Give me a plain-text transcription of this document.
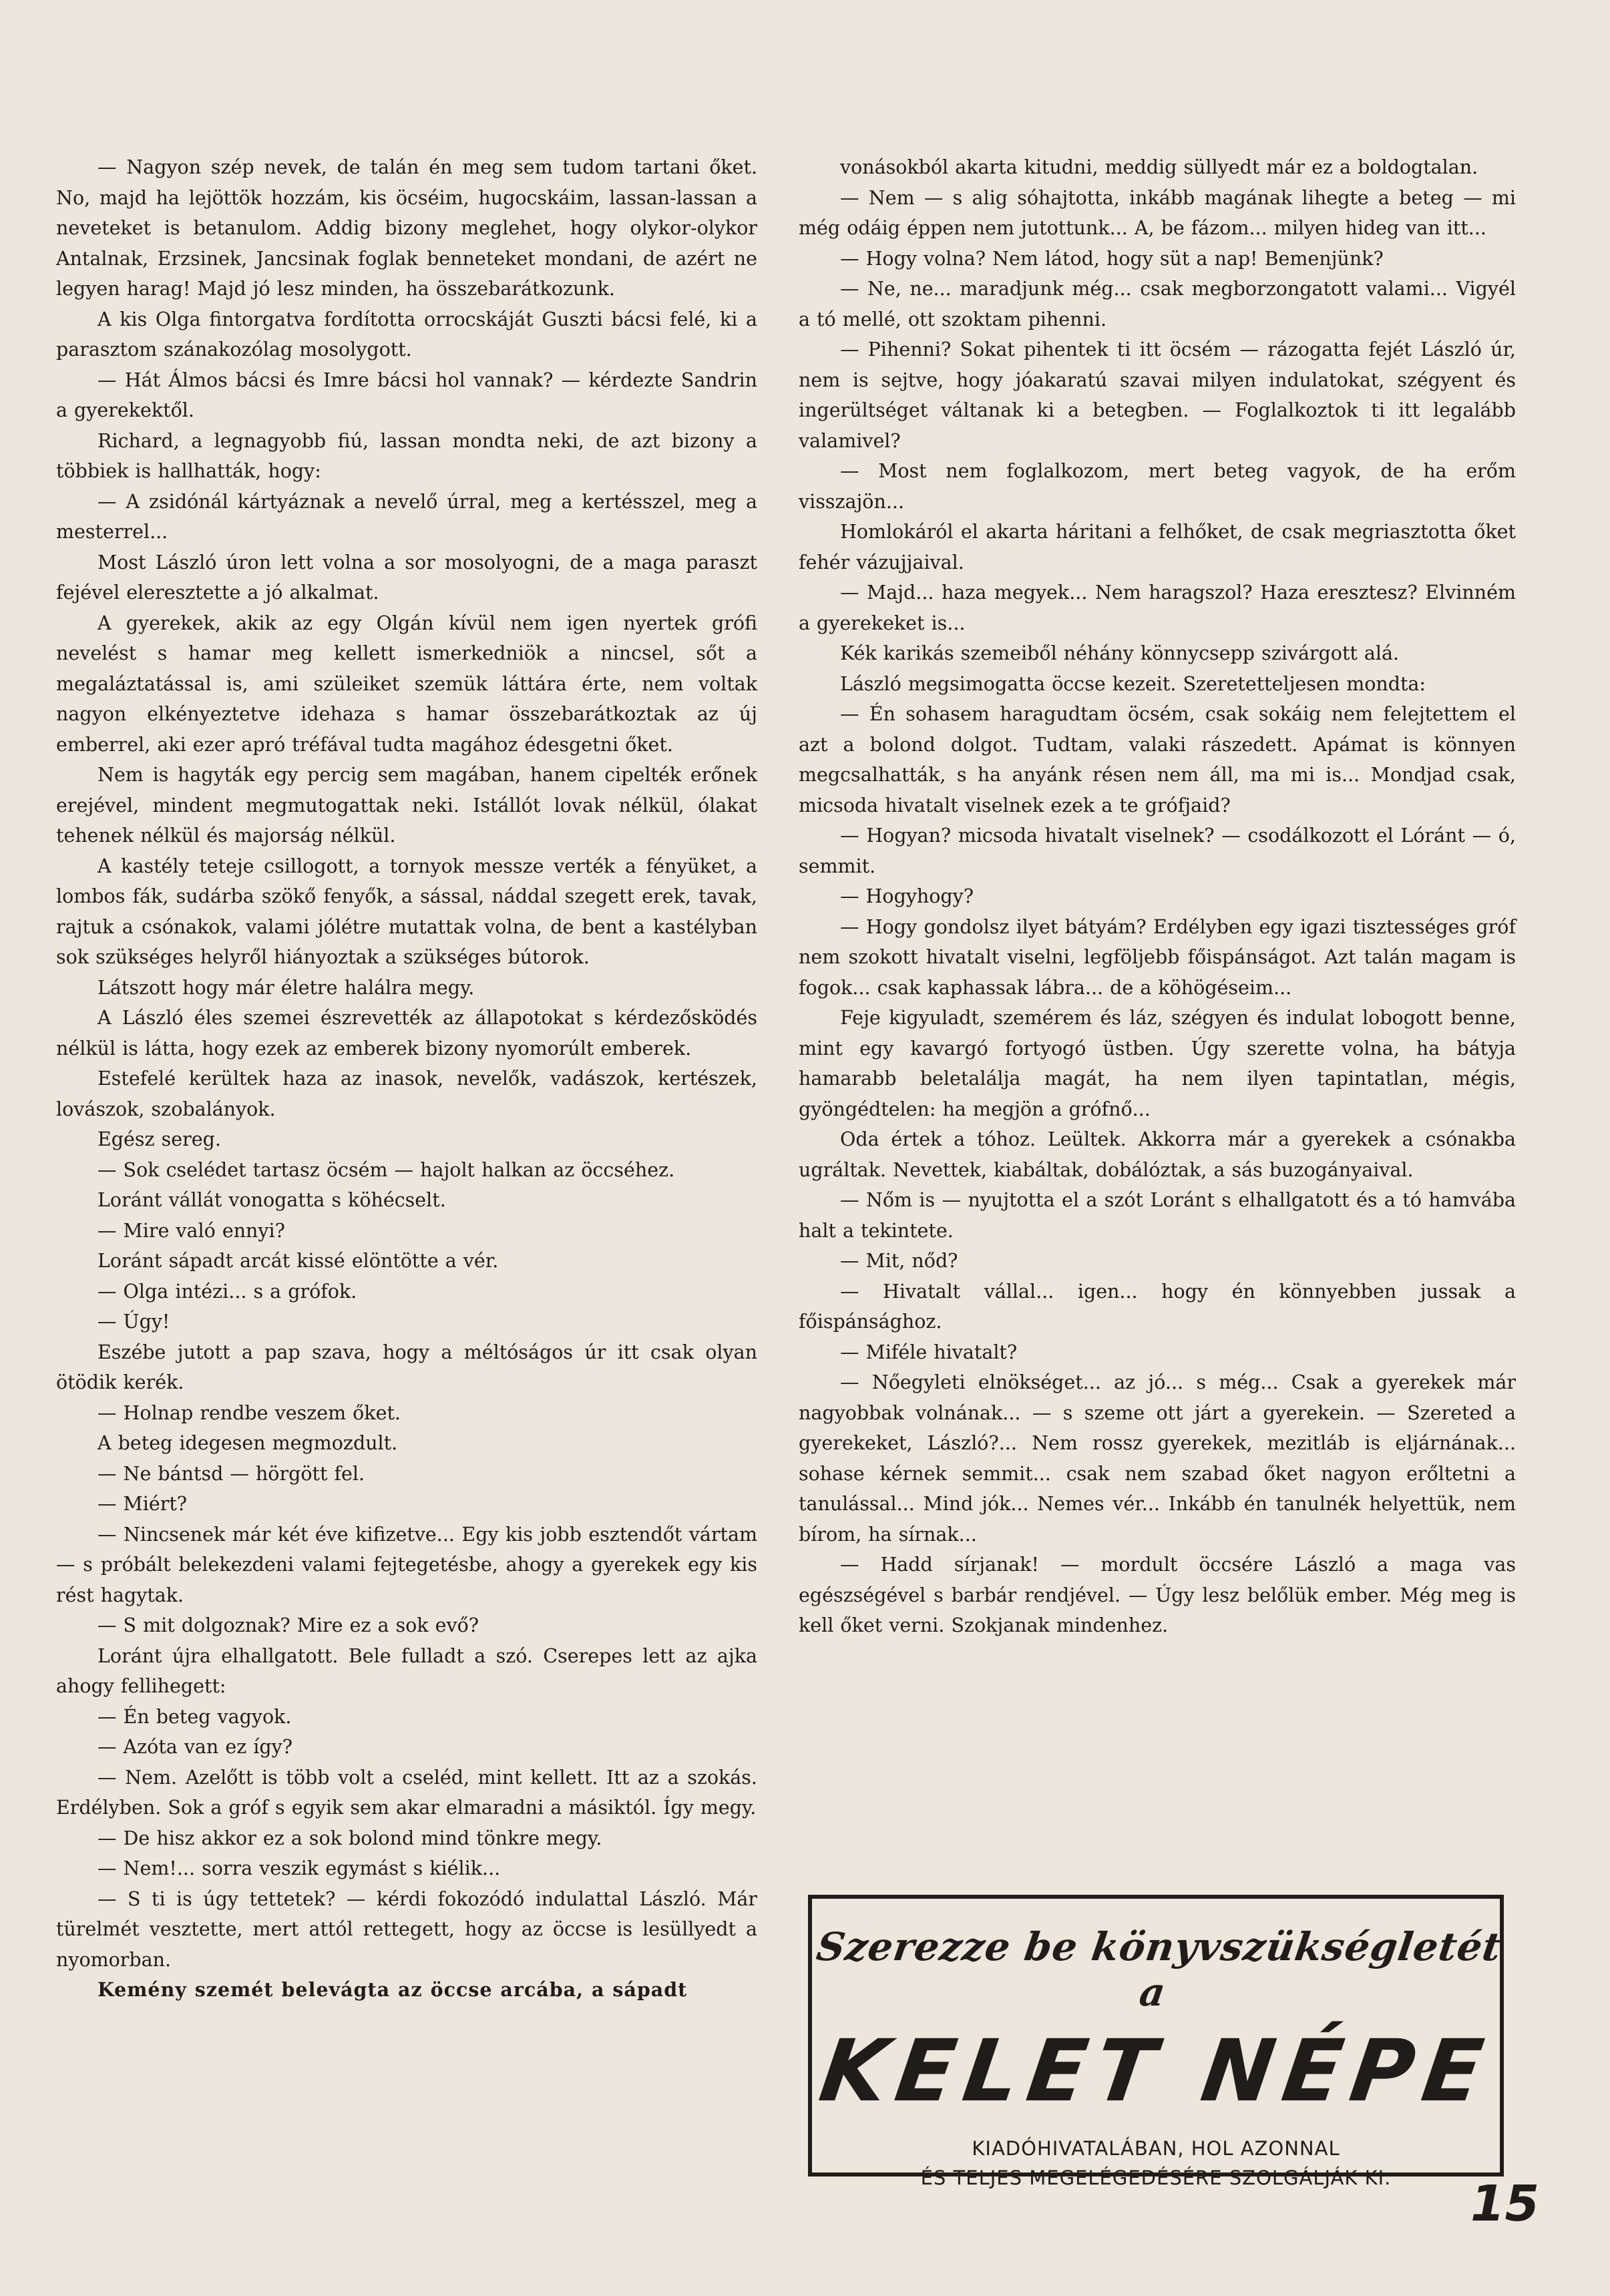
— Nagyon szép nevek, de talán én meg sem tudom tartani őket. No, majd ha lejöttök hozzám, kis öcséim, hugocskáim, lassan-lassan a neveteket is betanulom. Addig bizony meglehet, hogy olykor-olykor Antalnak, Erzsinek, Jancsinak foglak benneteket mondani, de azért ne legyen harag! Majd jó lesz minden, ha összebarátkozunk.

A kis Olga fintorgatva fordította orrocskáját Guszti bácsi felé, ki a parasztom szánakozólag mosolygott.

— Hát Álmos bácsi és Imre bácsi hol vannak? — kérdezte Sandrin a gyerekektől.

Richard, a legnagyobb fiú, lassan mondta neki, de azt bizony a többiek is hallhatták, hogy:

— A zsidónál kártyáznak a nevelő úrral, meg a kertésszel, meg a mesterrel...

Most László úron lett volna a sor mosolyogni, de a maga paraszt fejével eleresztette a jó alkalmat.

A gyerekek, akik az egy Olgán kívül nem igen nyertek grófi nevelést s hamar meg kellett ismerkedniök a nincsel, sőt a megaláztatással is, ami szüleiket szemük láttára érte, nem voltak nagyon elkényeztetve idehaza s hamar összebarátkoztak az új emberrel, aki ezer apró tréfával tudta magához édesgetni őket.

Nem is hagyták egy percig sem magában, hanem cipelték erőnek erejével, mindent megmutogattak neki. Istállót lovak nélkül, ólakat tehenek nélkül és majorság nélkül.

A kastély teteje csillogott, a tornyok messze verték a fényüket, a lombos fák, sudárba szökő fenyők, a sással, náddal szegett erek, tavak, rajtuk a csónakok, valami jólétre mutattak volna, de bent a kastélyban sok szükséges helyről hiányoztak a szükséges bútorok.

Látszott hogy már életre halálra megy.

A László éles szemei észrevették az állapotokat s kérdezősködés nélkül is látta, hogy ezek az emberek bizony nyomorúlt emberek.

Estefelé kerültek haza az inasok, nevelők, vadászok, kertészek, lovászok, szobalányok.

Egész sereg.

— Sok cselédet tartasz öcsém — hajolt halkan az öccséhez.

Loránt vállát vonogatta s köhécselt.

— Mire való ennyi?

Loránt sápadt arcát kissé elöntötte a vér.

— Olga intézi... s a grófok.

— Úgy!

Eszébe jutott a pap szava, hogy a méltóságos úr itt csak olyan ötödik kerék.

— Holnap rendbe veszem őket.

A beteg idegesen megmozdult.

— Ne bántsd — hörgött fel.

— Miért?

— Nincsenek már két éve kifizetve... Egy kis jobb esztendőt vártam — s próbált belekezdeni valami fejtegetésbe, ahogy a gyerekek egy kis rést hagytak.

— S mit dolgoznak? Mire ez a sok evő?

Loránt újra elhallgatott. Bele fulladt a szó. Cserepes lett az ajka ahogy fellihegett:

— Én beteg vagyok.

— Azóta van ez így?

— Nem. Azelőtt is több volt a cseléd, mint kellett. Itt az a szokás. Erdélyben. Sok a gróf s egyik sem akar elmaradni a másiktól. Így megy.

— De hisz akkor ez a sok bolond mind tönkre megy.

— Nem!... sorra veszik egymást s kiélik...

— S ti is úgy tettetek? — kérdi fokozódó indulattal László. Már türelmét vesztette, mert attól rettegett, hogy az öccse is lesüllyedt a nyomorban.

Kemény szemét belevágta az öccse arcába, a sápadt

vonásokból akarta kitudni, meddig süllyedt már ez a boldogtalan.

— Nem — s alig sóhajtotta, inkább magának lihegte a beteg — mi még odáig éppen nem jutottunk... A, be fázom... milyen hideg van itt...

— Hogy volna? Nem látod, hogy süt a nap! Bemenjünk?

— Ne, ne... maradjunk még... csak megborzongatott valami... Vigyél a tó mellé, ott szoktam pihenni.

— Pihenni? Sokat pihentek ti itt öcsém — rázogatta fejét László úr, nem is sejtve, hogy jóakaratú szavai milyen indulatokat, szégyent és ingerültséget váltanak ki a betegben. — Foglalkoztok ti itt legalább valamivel?

— Most nem foglalkozom, mert beteg vagyok, de ha erőm visszajön...

Homlokáról el akarta háritani a felhőket, de csak megriasztotta őket fehér vázujjaival.

— Majd... haza megyek... Nem haragszol? Haza eresztesz? Elvinném a gyerekeket is...

Kék karikás szemeiből néhány könnycsepp szivárgott alá.

László megsimogatta öccse kezeit. Szeretetteljesen mondta:

— Én sohasem haragudtam öcsém, csak sokáig nem felejtettem el azt a bolond dolgot. Tudtam, valaki rászedett. Apámat is könnyen megcsalhatták, s ha anyánk résen nem áll, ma mi is... Mondjad csak, micsoda hivatalt viselnek ezek a te grófjaid?

— Hogyan? micsoda hivatalt viselnek? — csodálkozott el Lóránt — ó, semmit.

— Hogyhogy?

— Hogy gondolsz ilyet bátyám? Erdélyben egy igazi tisztességes gróf nem szokott hivatalt viselni, legföljebb főispánságot. Azt talán magam is fogok... csak kaphassak lábra... de a köhögéseim...

Feje kigyuladt, szemérem és láz, szégyen és indulat lobogott benne, mint egy kavargó fortyogó üstben. Úgy szerette volna, ha bátyja hamarabb beletalálja magát, ha nem ilyen tapintatlan, mégis, gyöngédtelen: ha megjön a grófnő...

Oda értek a tóhoz. Leültek. Akkorra már a gyerekek a csónakba ugráltak. Nevettek, kiabáltak, dobálóztak, a sás buzogányaival.

— Nőm is — nyujtotta el a szót Loránt s elhallgatott és a tó hamvába halt a tekintete.

— Mit, nőd?

— Hivatalt vállal... igen... hogy én könnyebben jussak a főispánsághoz.

— Miféle hivatalt?

— Nőegyleti elnökséget... az jó... s még... Csak a gyerekek már nagyobbak volnának... — s szeme ott járt a gyerekein. — Szereted a gyerekeket, László?... Nem rossz gyerekek, mezitláb is eljárnának... sohase kérnek semmit... csak nem szabad őket nagyon erőltetni a tanulással... Mind jók... Nemes vér... Inkább én tanulnék helyettük, nem bírom, ha sírnak...

— Hadd sírjanak! — mordult öccsére László a maga vas egészségével s barbár rendjével. — Úgy lesz belőlük ember. Még meg is kell őket verni. Szokjanak mindenhez.

Szerezze be könyvszükségletét a
KELET NÉPE
KIADÓHIVATALÁBAN, HOL AZONNAL
ÉS TELJES MEGELÉGEDÉSÉRE SZOLGÁLJÁK KI.	15
